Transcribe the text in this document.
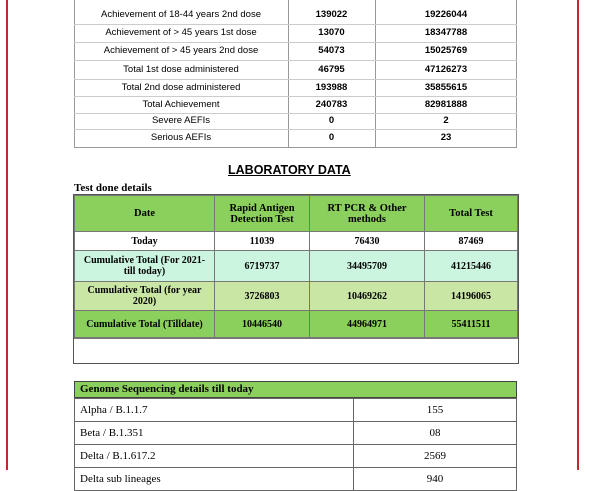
Achievement of 18-44 years 2nd dose	139022	19226044
Achievement of > 45 years 1st dose	13070	18347788
Achievement of > 45 years 2nd dose	54073	15025769
Total 1st dose administered	46795	47126273
Total 2nd dose administered	193988	35855615
Total Achievement	240783	82981888
Severe AEFIs	0	2
Serious AEFIs	0	23
LABORATORY DATA
Test done details
Date	Rapid Antigen Detection Test	RT PCR & Other methods	Total Test
Today	11039	76430	87469
Cumulative Total (For 2021- till today)	6719737	34495709	41215446
Cumulative Total (for year 2020)	3726803	10469262	14196065
Cumulative Total (Tilldate)	10446540	44964971	55411511
Genome Sequencing details till today
Alpha / B.1.1.7	155
Beta / B.1.351	08
Delta / B.1.617.2	2569
Delta sub lineages	940
